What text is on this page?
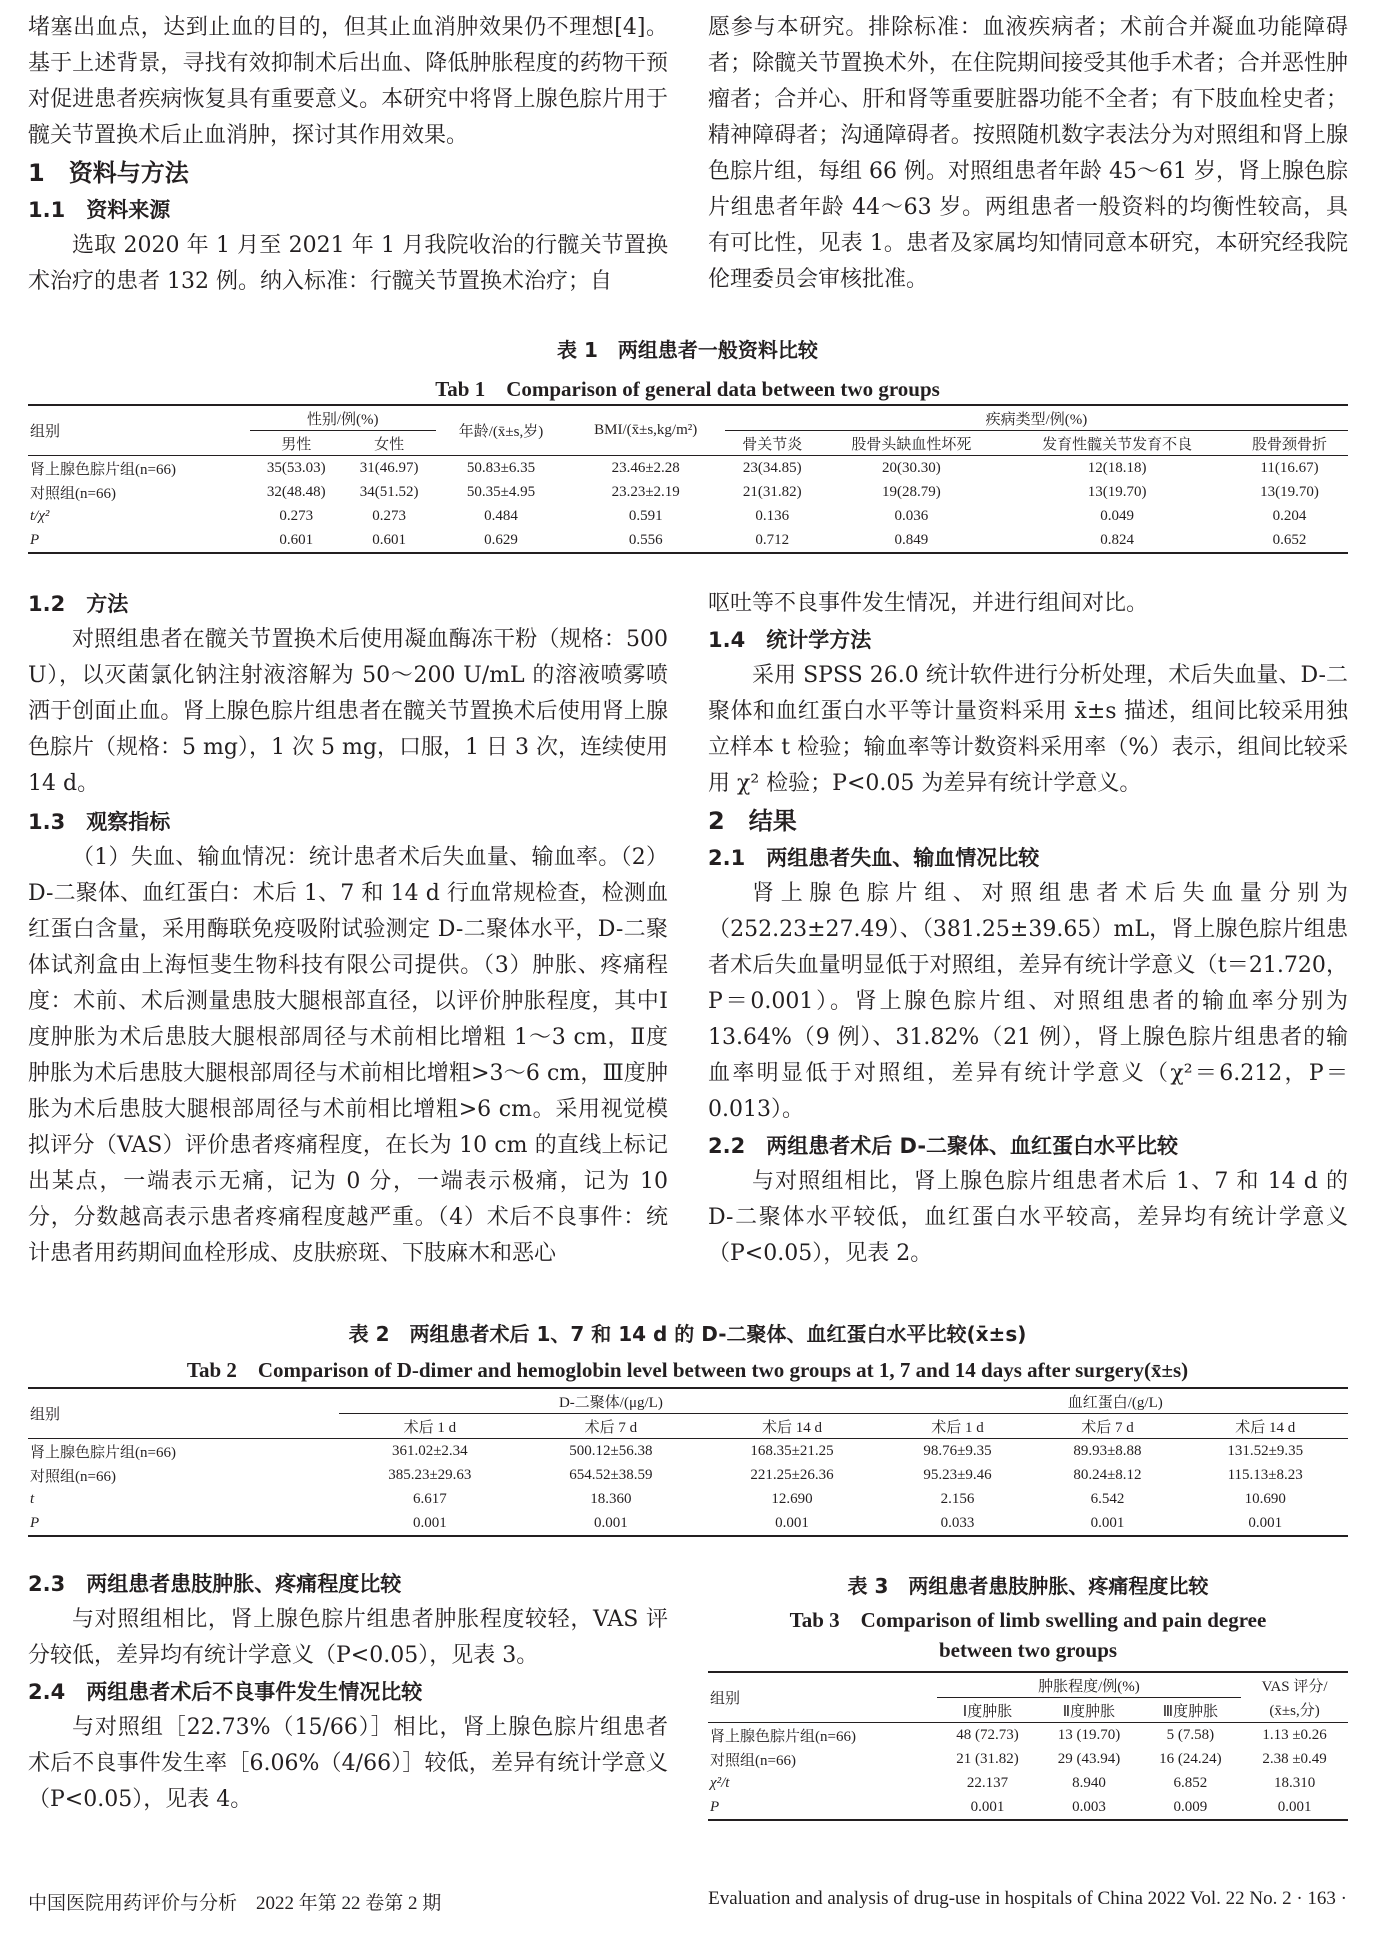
堵塞出血点，达到止血的目的，但其止血消肿效果仍不理想[4]。基于上述背景，寻找有效抑制术后出血、降低肿胀程度的药物干预对促进患者疾病恢复具有重要意义。本研究中将肾上腺色腙片用于髋关节置换术后止血消肿，探讨其作用效果。

1　资料与方法
1.1　资料来源

选取 2020 年 1 月至 2021 年 1 月我院收治的行髋关节置换术治疗的患者 132 例。纳入标准：行髋关节置换术治疗；自

愿参与本研究。排除标准：血液疾病者；术前合并凝血功能障碍者；除髋关节置换术外，在住院期间接受其他手术者；合并恶性肿瘤者；合并心、肝和肾等重要脏器功能不全者；有下肢血栓史者；精神障碍者；沟通障碍者。按照随机数字表法分为对照组和肾上腺色腙片组，每组 66 例。对照组患者年龄 45～61 岁，肾上腺色腙片组患者年龄 44～63 岁。两组患者一般资料的均衡性较高，具有可比性，见表 1。患者及家属均知情同意本研究，本研究经我院伦理委员会审核批准。

表 1　两组患者一般资料比较
Tab 1　Comparison of general data between two groups
组别	性别/例(%)		年龄/(x̄±s,岁)	BMI/(x̄±s,kg/m²)	疾病类型/例(%)			
	男性	女性			骨关节炎	股骨头缺血性坏死	发育性髋关节发育不良	股骨颈骨折
肾上腺色腙片组(n=66)	35(53.03)	31(46.97)	50.83±6.35	23.46±2.28	23(34.85)	20(30.30)	12(18.18)	11(16.67)
对照组(n=66)	32(48.48)	34(51.52)	50.35±4.95	23.23±2.19	21(31.82)	19(28.79)	13(19.70)	13(19.70)
t/χ²	0.273	0.273	0.484	0.591	0.136	0.036	0.049	0.204
P	0.601	0.601	0.629	0.556	0.712	0.849	0.824	0.652
1.2　方法

对照组患者在髋关节置换术后使用凝血酶冻干粉（规格：500 U），以灭菌氯化钠注射液溶解为 50～200 U/mL 的溶液喷雾喷洒于创面止血。肾上腺色腙片组患者在髋关节置换术后使用肾上腺色腙片（规格：5 mg），1 次 5 mg，口服，1 日 3 次，连续使用 14 d。

1.3　观察指标

（1）失血、输血情况：统计患者术后失血量、输血率。（2）D-二聚体、血红蛋白：术后 1、7 和 14 d 行血常规检查，检测血红蛋白含量，采用酶联免疫吸附试验测定 D-二聚体水平，D-二聚体试剂盒由上海恒斐生物科技有限公司提供。（3）肿胀、疼痛程度：术前、术后测量患肢大腿根部直径，以评价肿胀程度，其中Ⅰ度肿胀为术后患肢大腿根部周径与术前相比增粗 1～3 cm，Ⅱ度肿胀为术后患肢大腿根部周径与术前相比增粗>3～6 cm，Ⅲ度肿胀为术后患肢大腿根部周径与术前相比增粗>6 cm。采用视觉模拟评分（VAS）评价患者疼痛程度，在长为 10 cm 的直线上标记出某点，一端表示无痛，记为 0 分，一端表示极痛，记为 10 分，分数越高表示患者疼痛程度越严重。（4）术后不良事件：统计患者用药期间血栓形成、皮肤瘀斑、下肢麻木和恶心

呕吐等不良事件发生情况，并进行组间对比。

1.4　统计学方法

采用 SPSS 26.0 统计软件进行分析处理，术后失血量、D-二聚体和血红蛋白水平等计量资料采用 x̄±s 描述，组间比较采用独立样本 t 检验；输血率等计数资料采用率（%）表示，组间比较采用 χ² 检验；P<0.05 为差异有统计学意义。

2　结果
2.1　两组患者失血、输血情况比较

肾上腺色腙片组、对照组患者术后失血量分别为（252.23±27.49）、（381.25±39.65）mL，肾上腺色腙片组患者术后失血量明显低于对照组，差异有统计学意义（t＝21.720，P＝0.001）。肾上腺色腙片组、对照组患者的输血率分别为 13.64%（9 例）、31.82%（21 例），肾上腺色腙片组患者的输血率明显低于对照组，差异有统计学意义（χ²＝6.212，P＝0.013）。

2.2　两组患者术后 D-二聚体、血红蛋白水平比较

与对照组相比，肾上腺色腙片组患者术后 1、7 和 14 d 的 D-二聚体水平较低，血红蛋白水平较高，差异均有统计学意义（P<0.05），见表 2。

表 2　两组患者术后 1、7 和 14 d 的 D-二聚体、血红蛋白水平比较(x̄±s)
Tab 2　Comparison of D-dimer and hemoglobin level between two groups at 1, 7 and 14 days after surgery(x̄±s)
组别	D-二聚体/(μg/L)			血红蛋白/(g/L)		
	术后 1 d	术后 7 d	术后 14 d	术后 1 d	术后 7 d	术后 14 d
肾上腺色腙片组(n=66)	361.02±2.34	500.12±56.38	168.35±21.25	98.76±9.35	89.93±8.88	131.52±9.35
对照组(n=66)	385.23±29.63	654.52±38.59	221.25±26.36	95.23±9.46	80.24±8.12	115.13±8.23
t	6.617	18.360	12.690	2.156	6.542	10.690
P	0.001	0.001	0.001	0.033	0.001	0.001
2.3　两组患者患肢肿胀、疼痛程度比较

与对照组相比，肾上腺色腙片组患者肿胀程度较轻，VAS 评分较低，差异均有统计学意义（P<0.05），见表 3。

2.4　两组患者术后不良事件发生情况比较

与对照组［22.73%（15/66）］相比，肾上腺色腙片组患者术后不良事件发生率［6.06%（4/66）］较低，差异有统计学意义（P<0.05），见表 4。

表 3　两组患者患肢肿胀、疼痛程度比较
Tab 3　Comparison of limb swelling and pain degree
between two groups
组别	肿胀程度/例(%)			VAS 评分/
	Ⅰ度肿胀	Ⅱ度肿胀	Ⅲ度肿胀	(x̄±s,分)
肾上腺色腙片组(n=66)	48 (72.73)	13 (19.70)	5 (7.58)	1.13 ±0.26
对照组(n=66)	21 (31.82)	29 (43.94)	16 (24.24)	2.38 ±0.49
χ²/t	22.137	8.940	6.852	18.310
P	0.001	0.003	0.009	0.001
中国医院用药评价与分析　2022 年第 22 卷第 2 期	Evaluation and analysis of drug-use in hospitals of China 2022 Vol. 22 No. 2 · 163 ·
